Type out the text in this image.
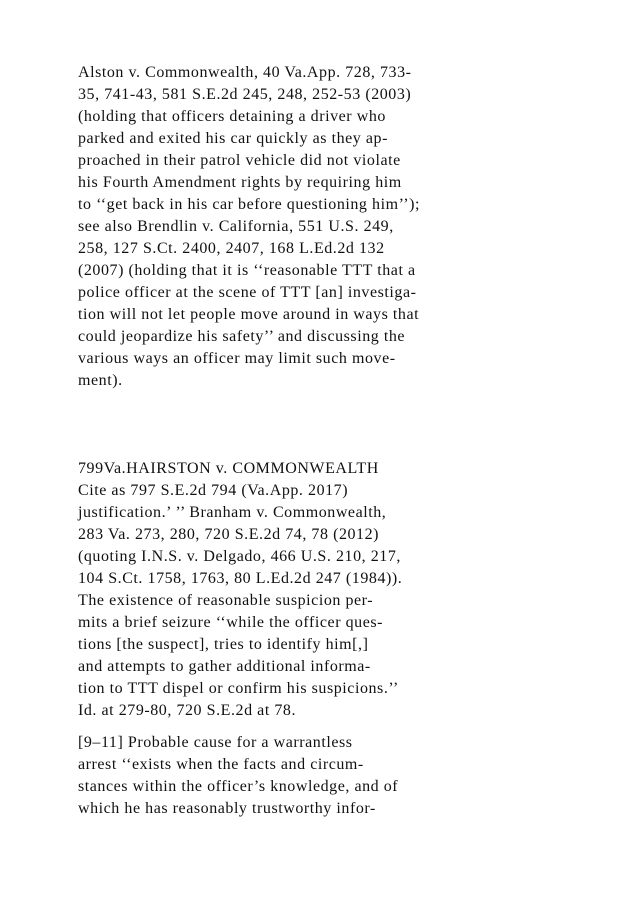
Alston v. Commonwealth, 40 Va.App. 728, 733-
35, 741-43, 581 S.E.2d 245, 248, 252-53 (2003)
(holding that officers detaining a driver who
parked and exited his car quickly as they ap-
proached in their patrol vehicle did not violate
his Fourth Amendment rights by requiring him
to ‘‘get back in his car before questioning him’’);
see also Brendlin v. California, 551 U.S. 249,
258, 127 S.Ct. 2400, 2407, 168 L.Ed.2d 132
(2007) (holding that it is ‘‘reasonable TTT that a
police officer at the scene of TTT [an] investiga-
tion will not let people move around in ways that
could jeopardize his safety’’ and discussing the
various ways an officer may limit such move-
ment).
799Va.HAIRSTON v. COMMONWEALTH
Cite as 797 S.E.2d 794 (Va.App. 2017)
justification.’ ’’ Branham v. Commonwealth,
283 Va. 273, 280, 720 S.E.2d 74, 78 (2012)
(quoting I.N.S. v. Delgado, 466 U.S. 210, 217,
104 S.Ct. 1758, 1763, 80 L.Ed.2d 247 (1984)).
The existence of reasonable suspicion per-
mits a brief seizure ‘‘while the officer ques-
tions [the suspect], tries to identify him[,]
and attempts to gather additional informa-
tion to TTT dispel or confirm his suspicions.’’
Id. at 279-80, 720 S.E.2d at 78.
[9–11] Probable cause for a warrantless
arrest ‘‘exists when the facts and circum-
stances within the officer’s knowledge, and of
which he has reasonably trustworthy infor-
